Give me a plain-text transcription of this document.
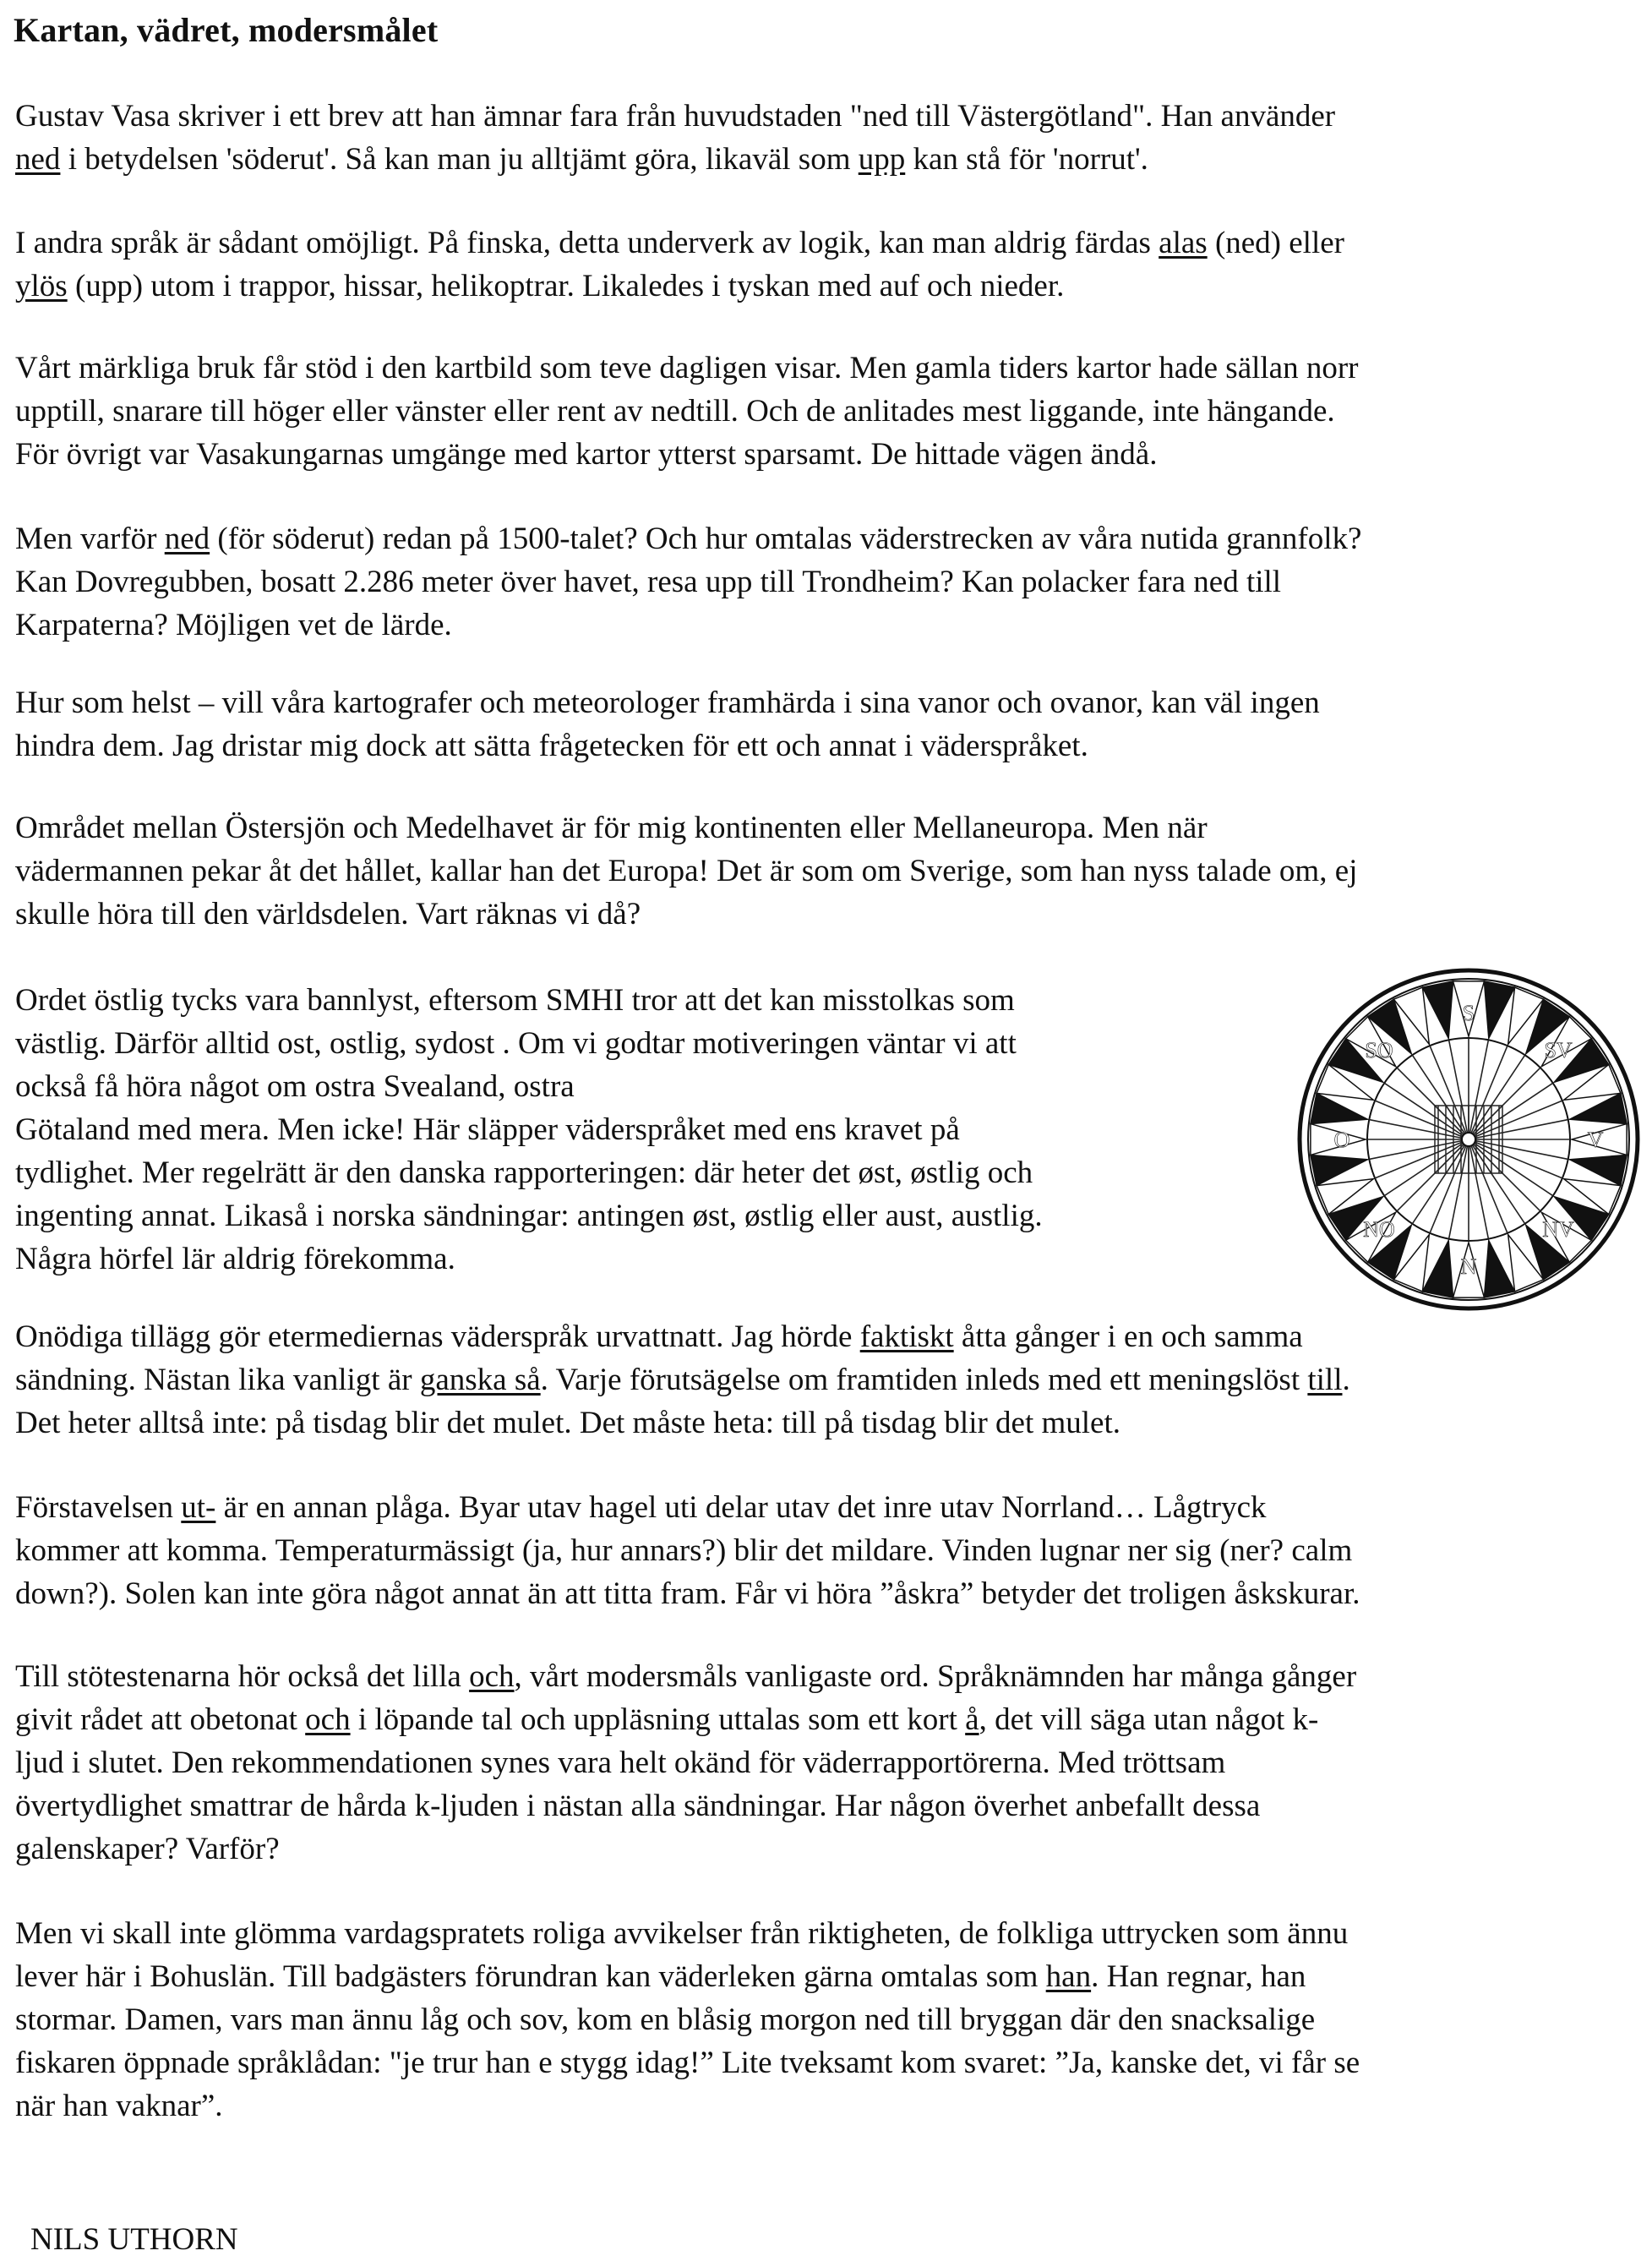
Kartan, vädret, modersmålet
Gustav Vasa skriver i ett brev att han ämnar fara från huvudstaden "ned till Västergötland". Han använder
ned i betydelsen 'söderut'. Så kan man ju alltjämt göra, likaväl som upp kan stå för 'norrut'.
I andra språk är sådant omöjligt. På finska, detta underverk av logik, kan man aldrig färdas alas (ned) eller
ylös (upp) utom i trappor, hissar, helikoptrar. Likaledes i tyskan med auf och nieder.
Vårt märkliga bruk får stöd i den kartbild som teve dagligen visar. Men gamla tiders kartor hade sällan norr
upptill, snarare till höger eller vänster eller rent av nedtill. Och de anlitades mest liggande, inte hängande.
För övrigt var Vasakungarnas umgänge med kartor ytterst sparsamt. De hittade vägen ändå.
Men varför ned (för söderut) redan på 1500-talet? Och hur omtalas väderstrecken av våra nutida grannfolk?
Kan Dovregubben, bosatt 2.286 meter över havet, resa upp till Trondheim? Kan polacker fara ned till
Karpaterna? Möjligen vet de lärde.
Hur som helst – vill våra kartografer och meteorologer framhärda i sina vanor och ovanor, kan väl ingen
hindra dem. Jag dristar mig dock att sätta frågetecken för ett och annat i väderspråket.
Området mellan Östersjön och Medelhavet är för mig kontinenten eller Mellaneuropa. Men när
vädermannen pekar åt det hållet, kallar han det Europa! Det är som om Sverige, som han nyss talade om, ej
skulle höra till den världsdelen. Vart räknas vi då?
Ordet östlig tycks vara bannlyst, eftersom SMHI tror att det kan misstolkas som
västlig. Därför alltid ost, ostlig, sydost . Om vi godtar motiveringen väntar vi att
också få höra något om ostra Svealand, ostra
Götaland med mera. Men icke! Här släpper väderspråket med ens kravet på
tydlighet. Mer regelrätt är den danska rapporteringen: där heter det øst, østlig och
ingenting annat. Likaså i norska sändningar: antingen øst, østlig eller aust, austlig.
Några hörfel lär aldrig förekomma.
Onödiga tillägg gör etermediernas väderspråk urvattnatt. Jag hörde faktiskt åtta gånger i en och samma
sändning. Nästan lika vanligt är ganska så. Varje förutsägelse om framtiden inleds med ett meningslöst till.
Det heter alltså inte: på tisdag blir det mulet. Det måste heta: till på tisdag blir det mulet.
Förstavelsen ut- är en annan plåga. Byar utav hagel uti delar utav det inre utav Norrland… Lågtryck
kommer att komma. Temperaturmässigt (ja, hur annars?) blir det mildare. Vinden lugnar ner sig (ner? calm
down?). Solen kan inte göra något annat än att titta fram. Får vi höra ”åskra” betyder det troligen åskskurar.
Till stötestenarna hör också det lilla och, vårt modersmåls vanligaste ord. Språknämnden har många gånger
givit rådet att obetonat och i löpande tal och uppläsning uttalas som ett kort å, det vill säga utan något k-
ljud i slutet. Den rekommendationen synes vara helt okänd för väderrapportörerna. Med tröttsam
övertydlighet smattrar de hårda k-ljuden i nästan alla sändningar. Har någon överhet anbefallt dessa
galenskaper? Varför?
Men vi skall inte glömma vardagspratets roliga avvikelser från riktigheten, de folkliga uttrycken som ännu
lever här i Bohuslän. Till badgästers förundran kan väderleken gärna omtalas som han. Han regnar, han
stormar. Damen, vars man ännu låg och sov, kom en blåsig morgon ned till bryggan där den snacksalige
fiskaren öppnade språklådan: "je trur han e stygg idag!” Lite tveksamt kom svaret: ”Ja, kanske det, vi får se
när han vaknar”.

NILS UTHORN

S
SV
V
NV
N
NO
O
SO
